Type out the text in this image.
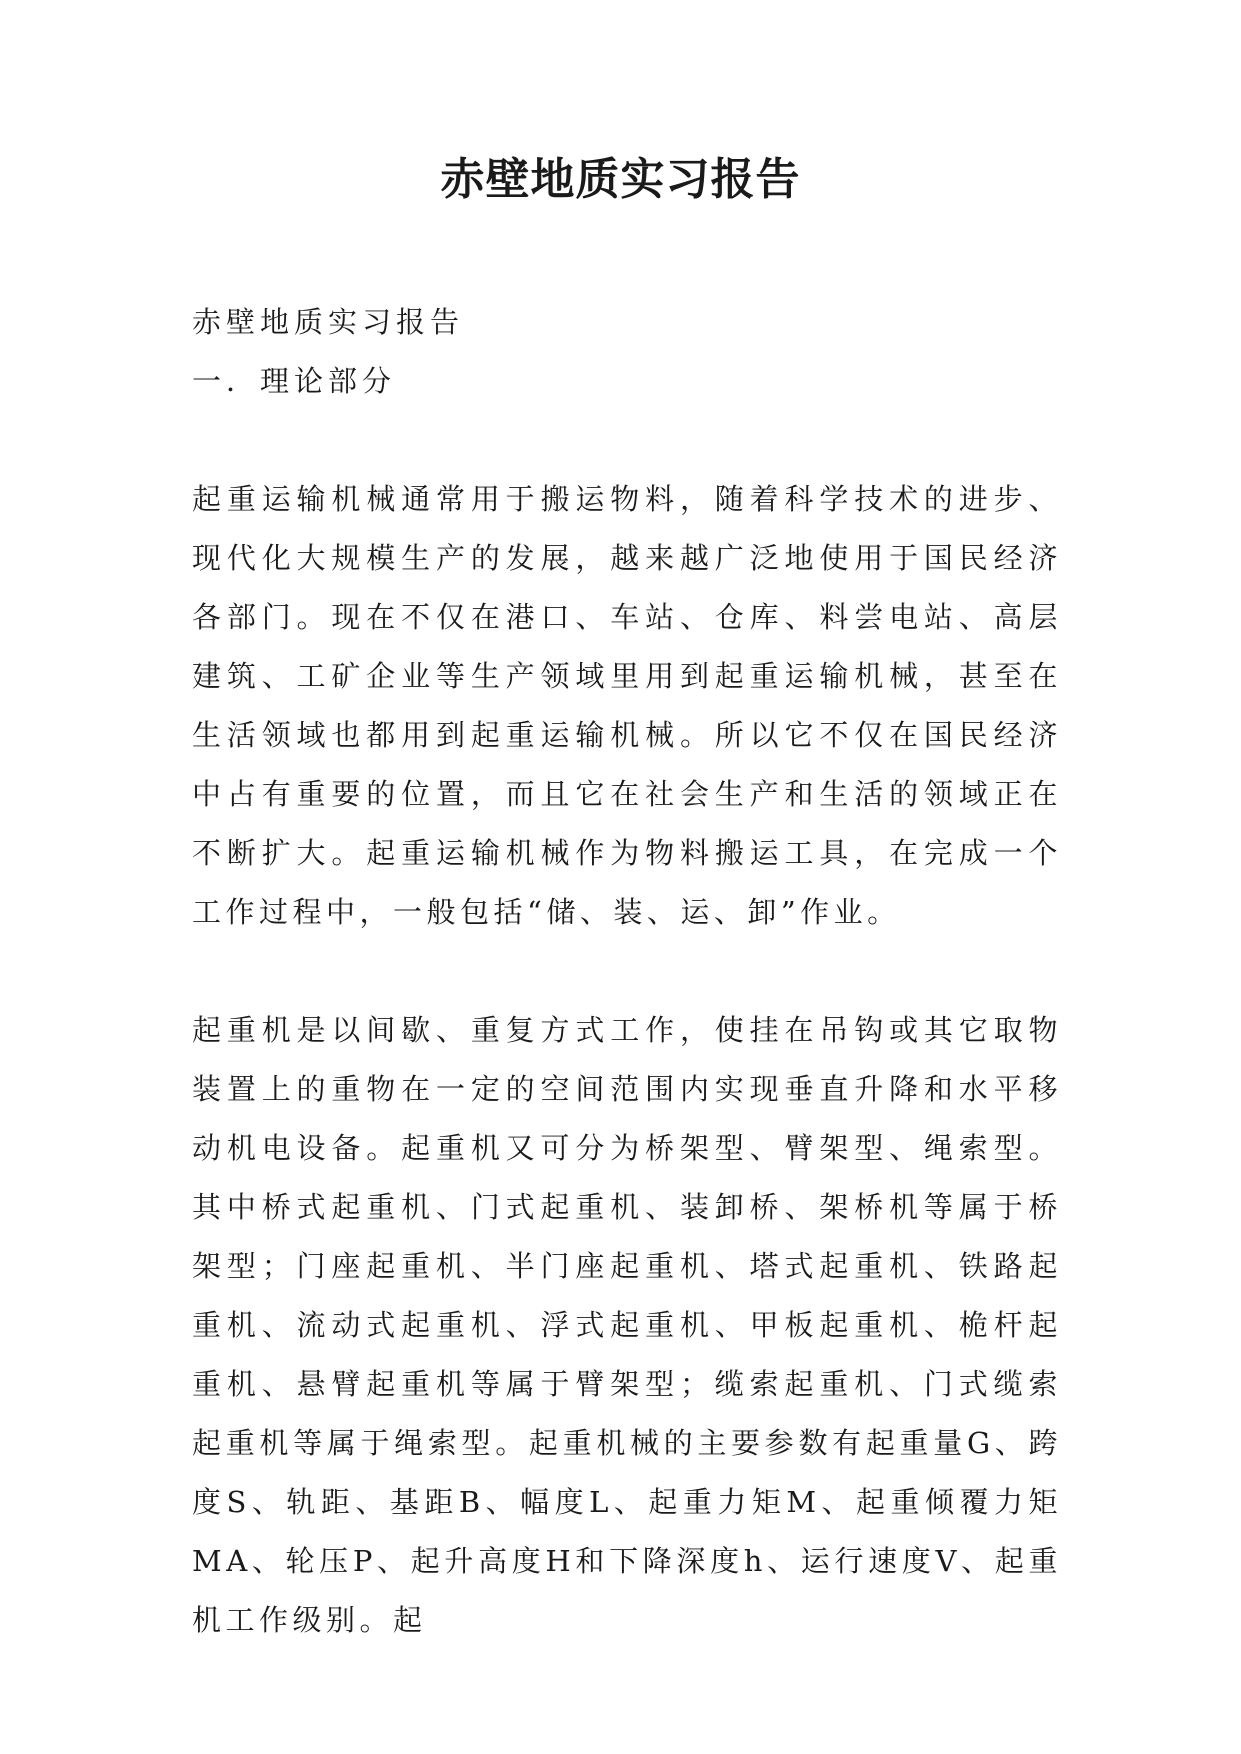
赤壁地质实习报告

赤壁地质实习报告

一．理论部分

起重运输机械通常用于搬运物料，随着科学技术的进步、现代化大规模生产的发展，越来越广泛地使用于国民经济各部门。现在不仅在港口、车站、仓库、料尝电站、高层建筑、工矿企业等生产领域里用到起重运输机械，甚至在生活领域也都用到起重运输机械。所以它不仅在国民经济中占有重要的位置，而且它在社会生产和生活的领域正在不断扩大。起重运输机械作为物料搬运工具，在完成一个工作过程中，一般包括“储、装、运、卸”作业。

起重机是以间歇、重复方式工作，使挂在吊钩或其它取物装置上的重物在一定的空间范围内实现垂直升降和水平移动机电设备。起重机又可分为桥架型、臂架型、绳索型。其中桥式起重机、门式起重机、装卸桥、架桥机等属于桥架型；门座起重机、半门座起重机、塔式起重机、铁路起重机、流动式起重机、浮式起重机、甲板起重机、桅杆起重机、悬臂起重机等属于臂架型；缆索起重机、门式缆索起重机等属于绳索型。起重机械的主要参数有起重量G、跨度S、轨距、基距B、幅度L、起重力矩M、起重倾覆力矩MA、轮压P、起升高度H和下降深度h、运行速度V、起重机工作级别。起
